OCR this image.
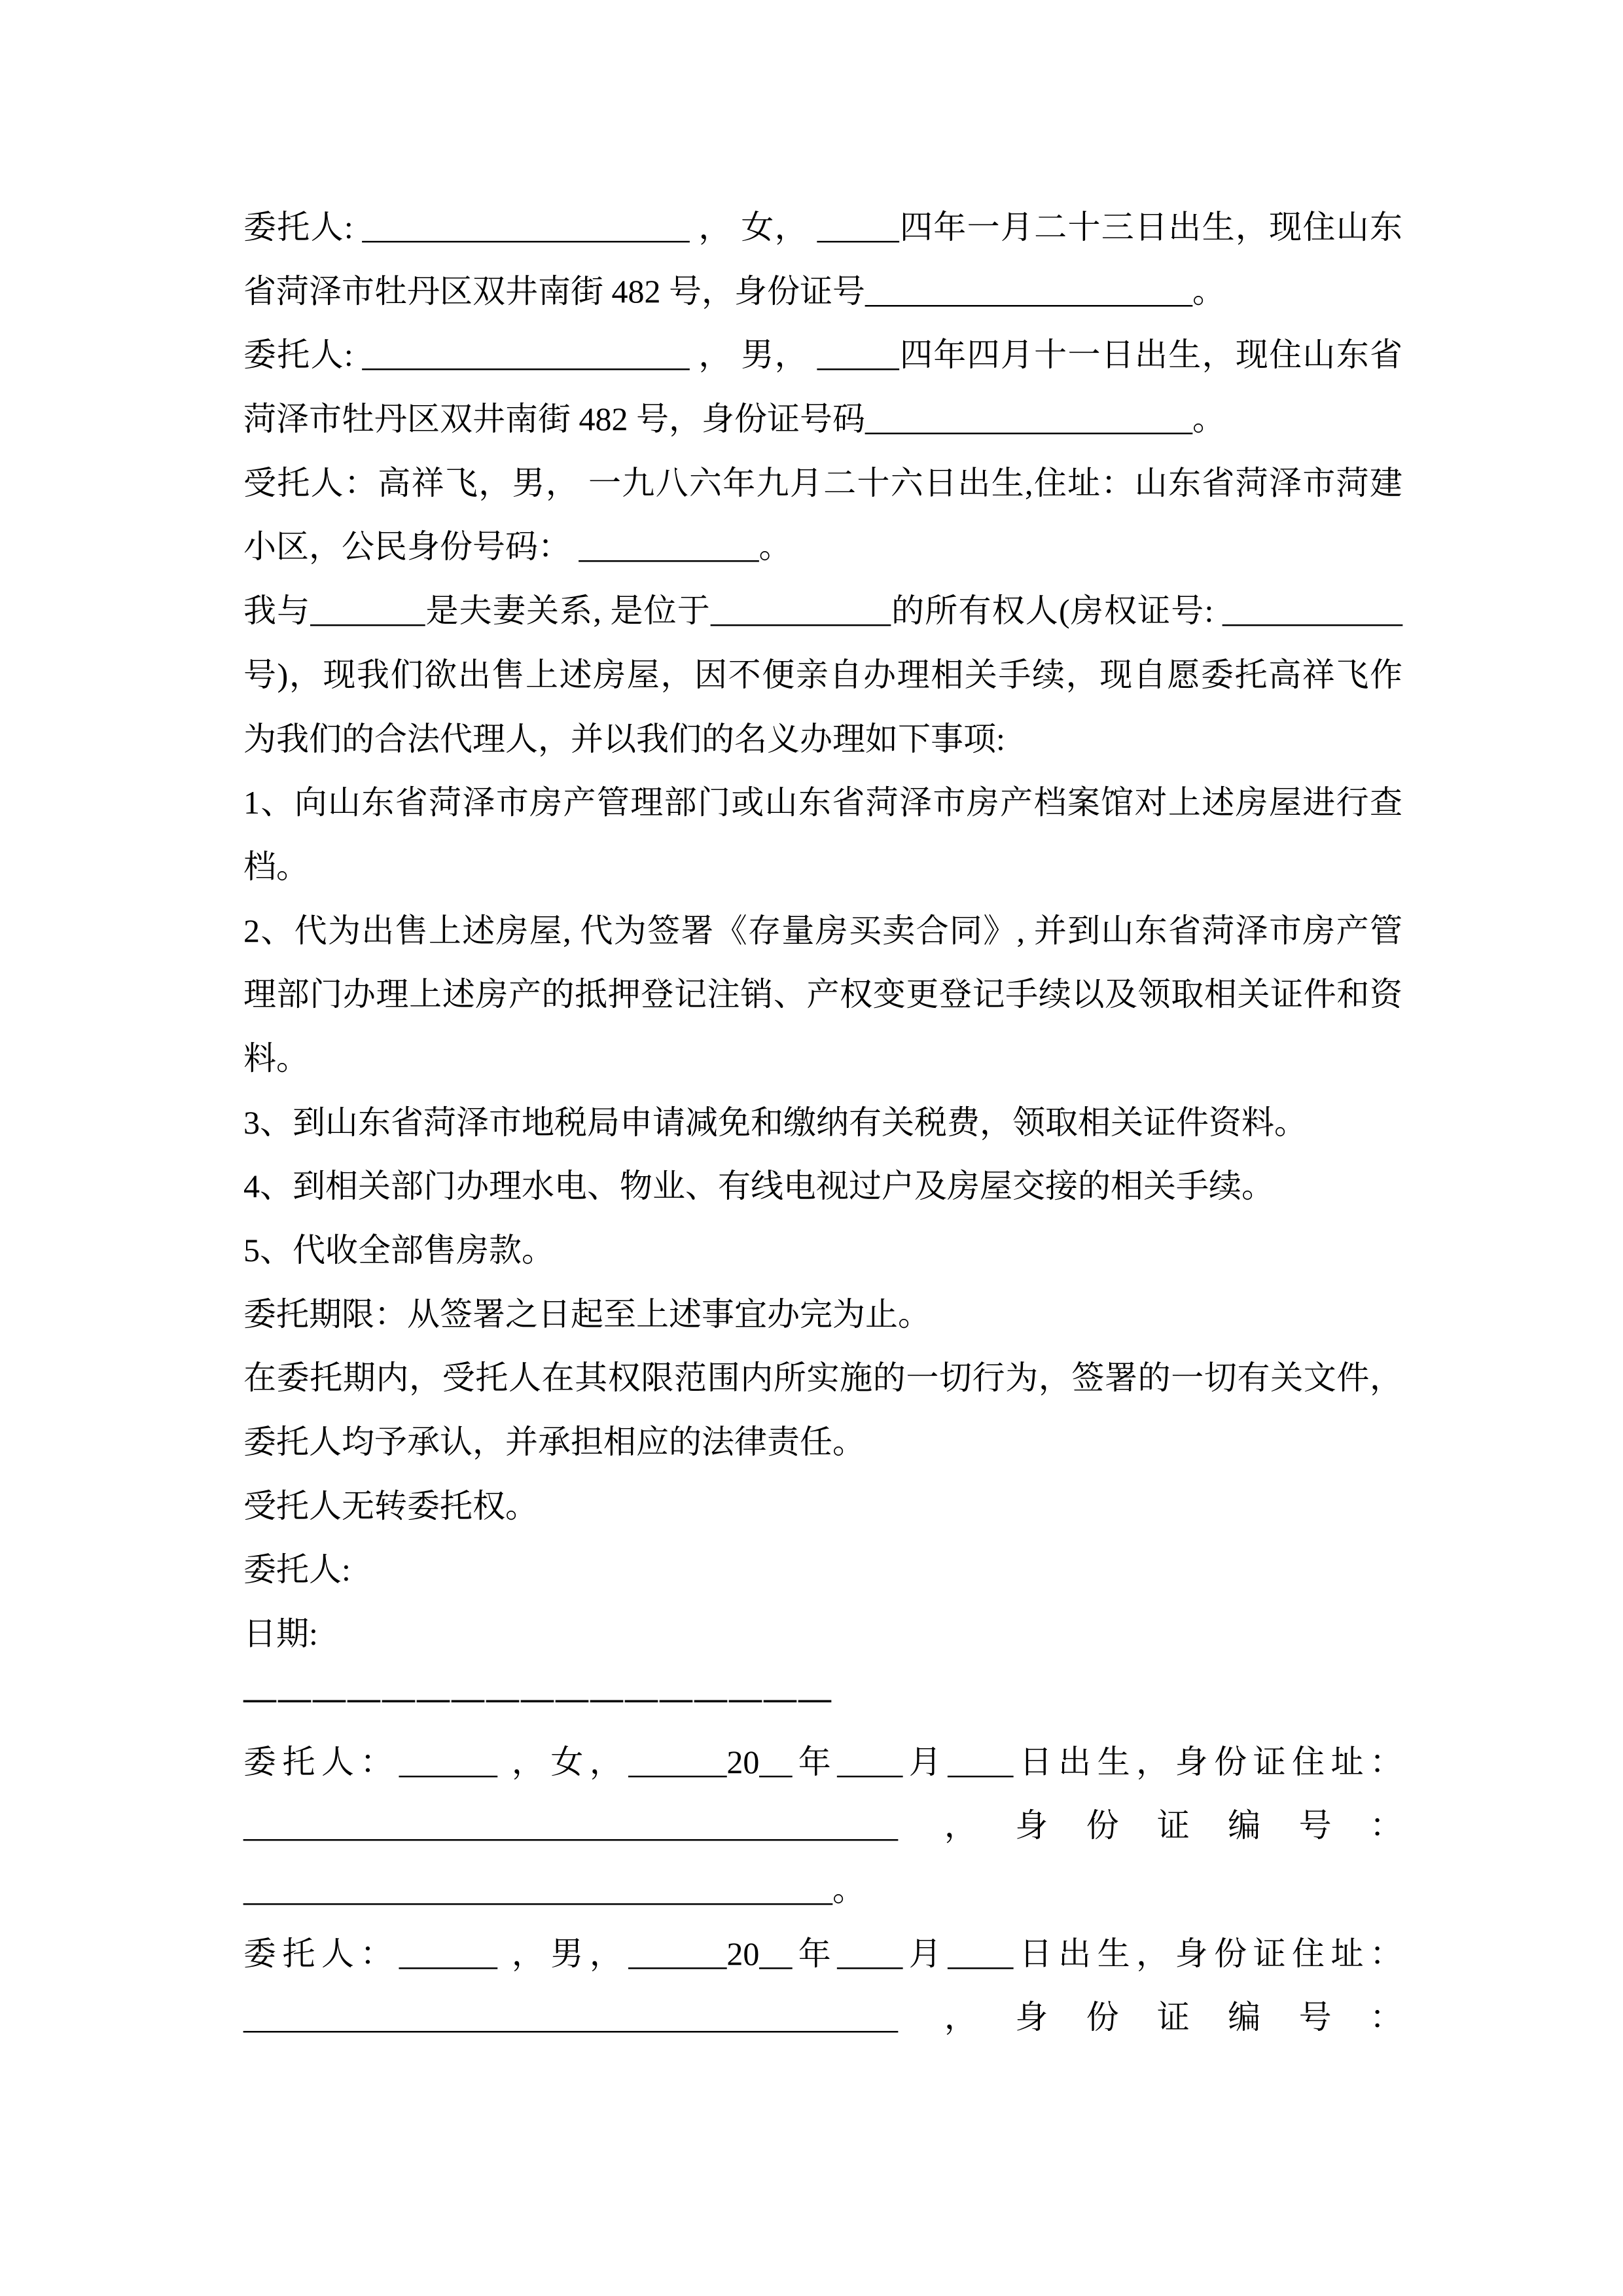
委托人: ____________________ ， 女， _____四年一月二十三日出生，现住山东
省菏泽市牡丹区双井南街 482 号，身份证号____________________。
委托人: ____________________ ， 男， _____四年四月十一日出生，现住山东省
菏泽市牡丹区双井南街 482 号，身份证号码____________________。
受托人：高祥飞，男， 一九八六年九月二十六日出生,住址：山东省菏泽市菏建
小区，公民身份号码： ___________。
我与_______是夫妻关系, 是位于___________的所有权人(房权证号: ___________
号)，现我们欲出售上述房屋，因不便亲自办理相关手续，现自愿委托高祥飞作
为我们的合法代理人，并以我们的名义办理如下事项:
1、向山东省菏泽市房产管理部门或山东省菏泽市房产档案馆对上述房屋进行查
档。
2、代为出售上述房屋, 代为签署《存量房买卖合同》, 并到山东省菏泽市房产管
理部门办理上述房产的抵押登记注销、产权变更登记手续以及领取相关证件和资
料。
3、到山东省菏泽市地税局申请减免和缴纳有关税费，领取相关证件资料。
4、到相关部门办理水电、物业、有线电视过户及房屋交接的相关手续。
5、代收全部售房款。
委托期限：从签署之日起至上述事宜办完为止。
在委托期内，受托人在其权限范围内所实施的一切行为，签署的一切有关文件，
委托人均予承认，并承担相应的法律责任。
受托人无转委托权。
委托人:
日期:
—————————————————
委托人：______ ，女，______20__年____月____日出生，身份证住址：
________________________________________ ，身份证编号：
____________________________________。
委托人：______ ，男，______20__年____月____日出生，身份证住址：
________________________________________ ，身份证编号：
